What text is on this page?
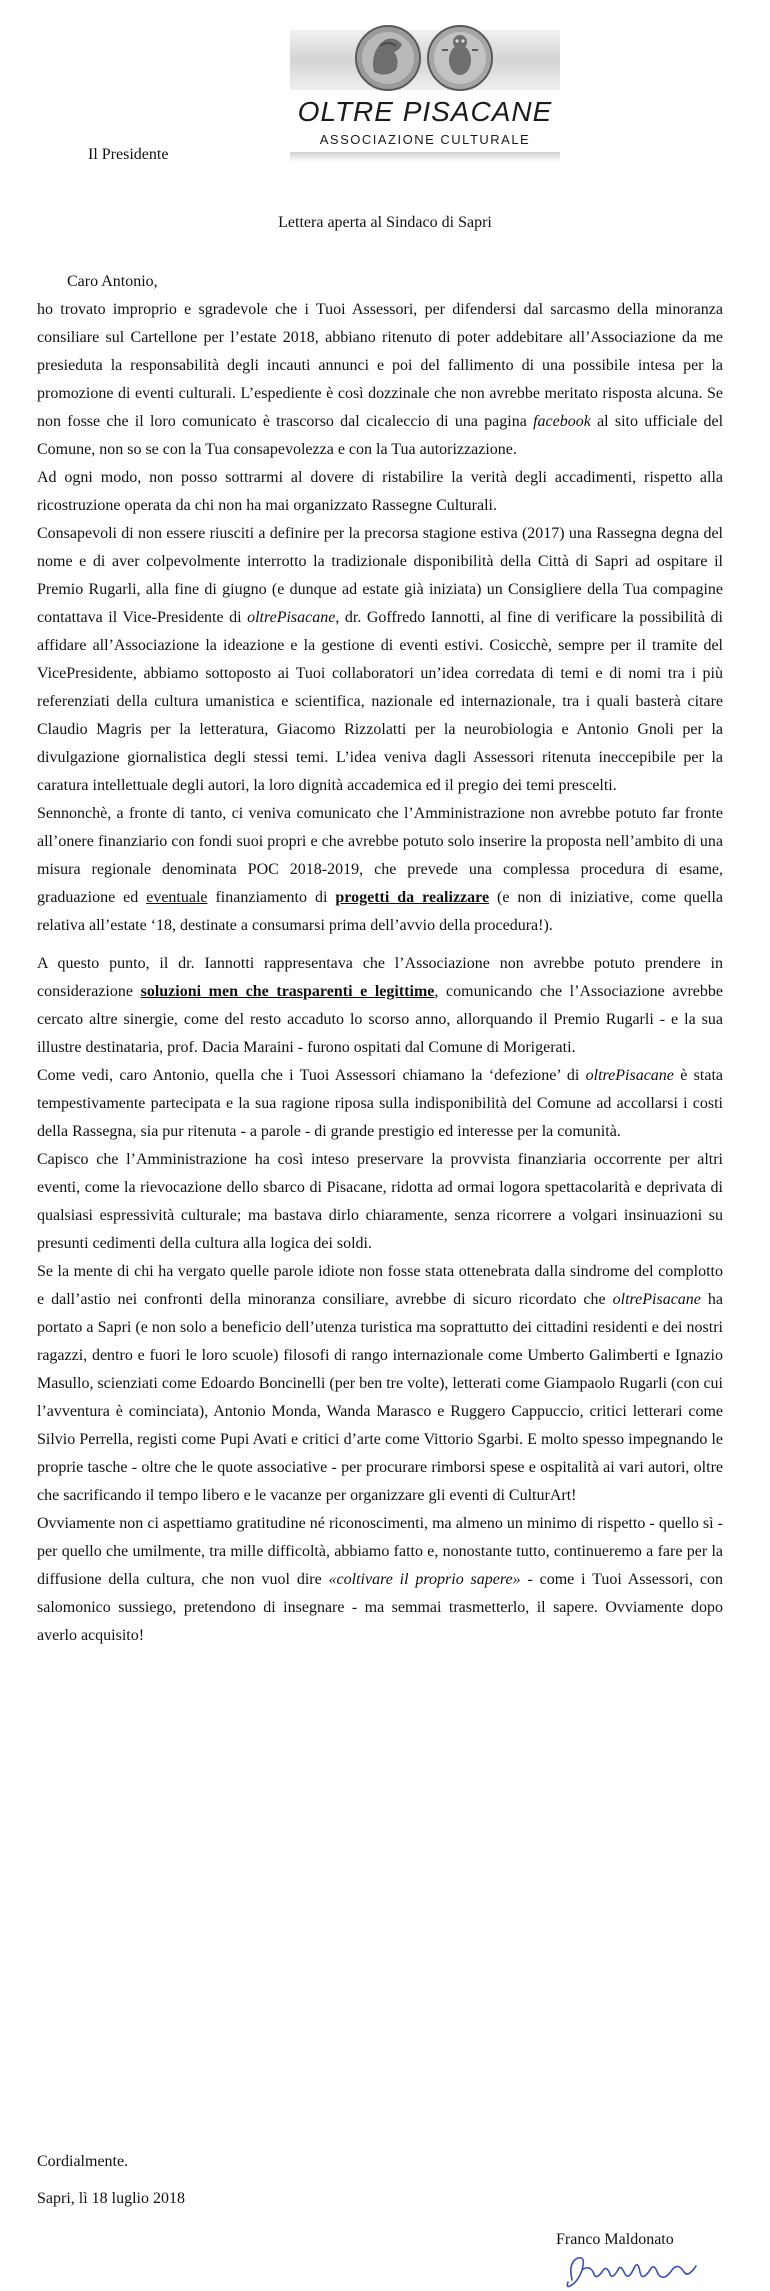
OLTRE PISACANE
ASSOCIAZIONE CULTURALE
Il Presidente
Lettera aperta al Sindaco di Sapri

Caro Antonio,

ho trovato improprio e sgradevole che i Tuoi Assessori, per difendersi dal sarcasmo della minoranza consiliare sul Cartellone per l’estate 2018, abbiano ritenuto di poter addebitare all’Associazione da me presieduta la responsabilità degli incauti annunci e poi del fallimento di una possibile intesa per la promozione di eventi culturali. L’espediente è così dozzinale che non avrebbe meritato risposta alcuna. Se non fosse che il loro comunicato è trascorso dal cicaleccio di una pagina facebook al sito ufficiale del Comune, non so se con la Tua consapevolezza e con la Tua autorizzazione.

Ad ogni modo, non posso sottrarmi al dovere di ristabilire la verità degli accadimenti, rispetto alla ricostruzione operata da chi non ha mai organizzato Rassegne Culturali.

Consapevoli di non essere riusciti a definire per la precorsa stagione estiva (2017) una Rassegna degna del nome e di aver colpevolmente interrotto la tradizionale disponibilità della Città di Sapri ad ospitare il Premio Rugarli, alla fine di giugno (e dunque ad estate già iniziata) un Consigliere della Tua compagine contattava il Vice-Presidente di oltrePisacane, dr. Goffredo Iannotti, al fine di verificare la possibilità di affidare all’Associazione la ideazione e la gestione di eventi estivi. Cosicchè, sempre per il tramite del VicePresidente, abbiamo sottoposto ai Tuoi collaboratori un’idea corredata di temi e di nomi tra i più referenziati della cultura umanistica e scientifica, nazionale ed internazionale, tra i quali basterà citare Claudio Magris per la letteratura, Giacomo Rizzolatti per la neurobiologia e Antonio Gnoli per la divulgazione giornalistica degli stessi temi. L’idea veniva dagli Assessori ritenuta ineccepibile per la caratura intellettuale degli autori, la loro dignità accademica ed il pregio dei temi prescelti.

Sennonchè, a fronte di tanto, ci veniva comunicato che l’Amministrazione non avrebbe potuto far fronte all’onere finanziario con fondi suoi propri e che avrebbe potuto solo inserire la proposta nell’ambito di una misura regionale denominata POC 2018-2019, che prevede una complessa procedura di esame, graduazione ed eventuale finanziamento di progetti da realizzare (e non di iniziative, come quella relativa all’estate ‘18, destinate a consumarsi prima dell’avvio della procedura!).

A questo punto, il dr. Iannotti rappresentava che l’Associazione non avrebbe potuto prendere in considerazione soluzioni men che trasparenti e legittime, comunicando che l’Associazione avrebbe cercato altre sinergie, come del resto accaduto lo scorso anno, allorquando il Premio Rugarli - e la sua illustre destinataria, prof. Dacia Maraini - furono ospitati dal Comune di Morigerati.

Come vedi, caro Antonio, quella che i Tuoi Assessori chiamano la ‘defezione’ di oltrePisacane è stata tempestivamente partecipata e la sua ragione riposa sulla indisponibilità del Comune ad accollarsi i costi della Rassegna, sia pur ritenuta - a parole - di grande prestigio ed interesse per la comunità.

Capisco che l’Amministrazione ha così inteso preservare la provvista finanziaria occorrente per altri eventi, come la rievocazione dello sbarco di Pisacane, ridotta ad ormai logora spettacolarità e deprivata di qualsiasi espressività culturale; ma bastava dirlo chiaramente, senza ricorrere a volgari insinuazioni su presunti cedimenti della cultura alla logica dei soldi.

Se la mente di chi ha vergato quelle parole idiote non fosse stata ottenebrata dalla sindrome del complotto e dall’astio nei confronti della minoranza consiliare, avrebbe di sicuro ricordato che oltrePisacane ha portato a Sapri (e non solo a beneficio dell’utenza turistica ma soprattutto dei cittadini residenti e dei nostri ragazzi, dentro e fuori le loro scuole) filosofi di rango internazionale come Umberto Galimberti e Ignazio Masullo, scienziati come Edoardo Boncinelli (per ben tre volte), letterati come Giampaolo Rugarli (con cui l’avventura è cominciata), Antonio Monda, Wanda Marasco e Ruggero Cappuccio, critici letterari come Silvio Perrella, registi come Pupi Avati e critici d’arte come Vittorio Sgarbi. E molto spesso impegnando le proprie tasche - oltre che le quote associative - per procurare rimborsi spese e ospitalità ai vari autori, oltre che sacrificando il tempo libero e le vacanze per organizzare gli eventi di CulturArt!

Ovviamente non ci aspettiamo gratitudine né riconoscimenti, ma almeno un minimo di rispetto - quello sì - per quello che umilmente, tra mille difficoltà, abbiamo fatto e, nonostante tutto, continueremo a fare per la diffusione della cultura, che non vuol dire «coltivare il proprio sapere» - come i Tuoi Assessori, con salomonico sussiego, pretendono di insegnare - ma semmai trasmetterlo, il sapere. Ovviamente dopo averlo acquisito!

Cordialmente.
Sapri, lì 18 luglio 2018
Franco Maldonato
